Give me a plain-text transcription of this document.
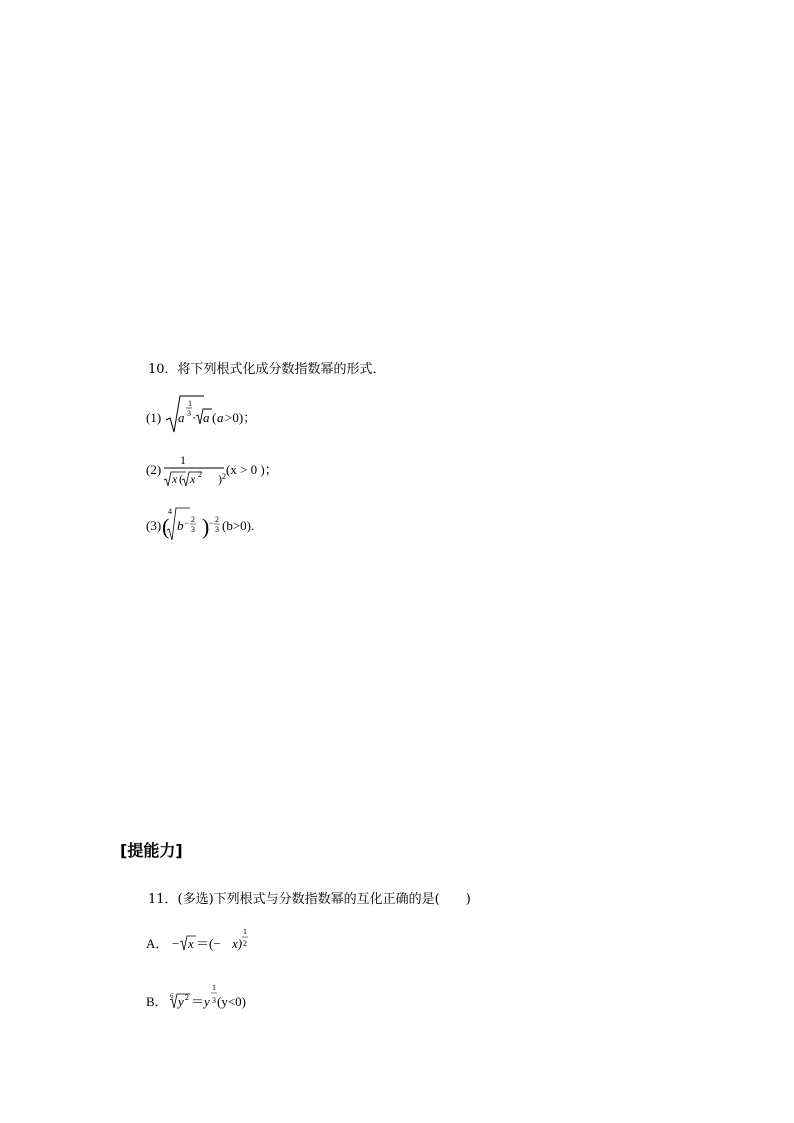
10．将下列根式化成分数指数幂的形式．
(1) a
1
3 · a ( a >0)；
1
(2)
x ( x 2 ) 2 (x > 0 )；
(3) (
4
b − 2
3 ) − 2
3 (b>0).
[提能力]
11．(多选)下列根式与分数指数幂的互化正确的是(　　)
A． − x ＝(− x)
1
2
B． 6 y 2 ＝ y
1
3 (y<0)
